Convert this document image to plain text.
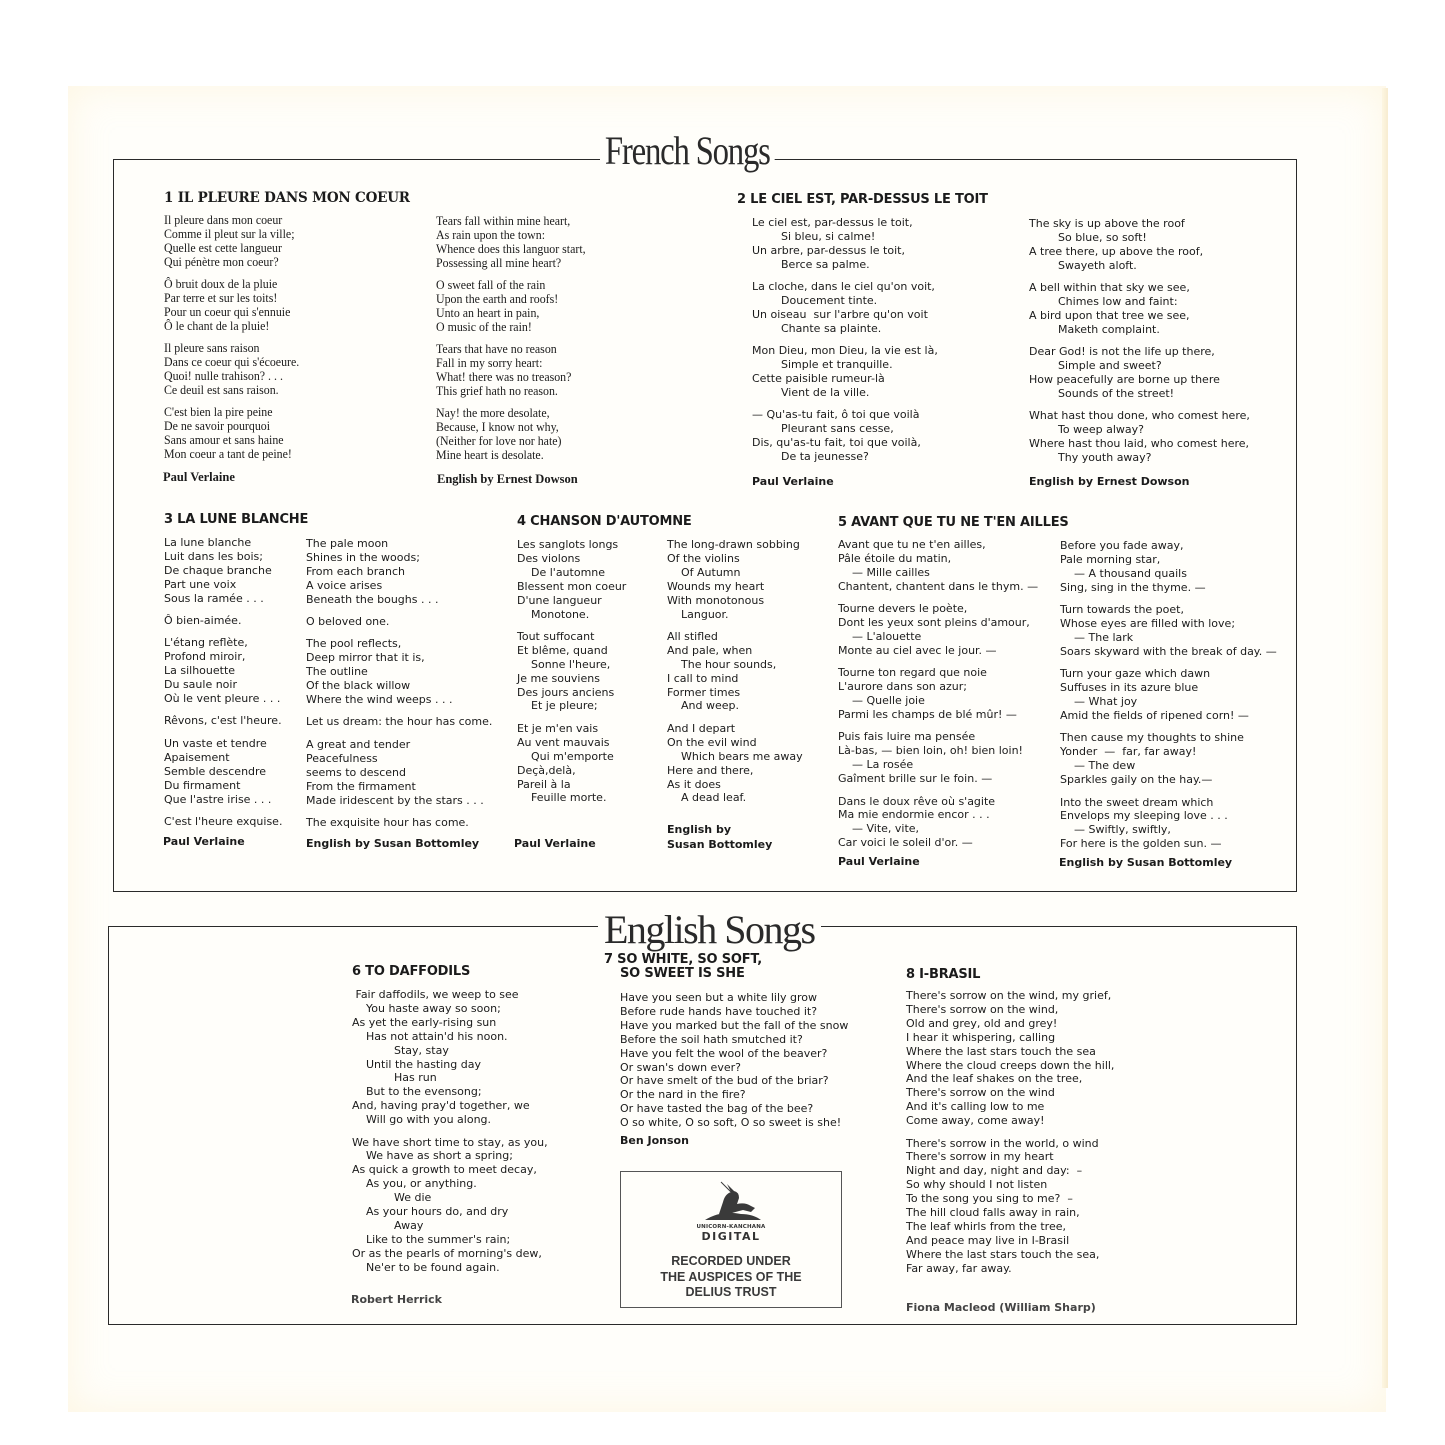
French Songs
1 IL PLEURE DANS MON COEUR
Il pleure dans mon coeur
Comme il pleut sur la ville;
Quelle est cette langueur
Qui pénètre mon coeur?
Ô bruit doux de la pluie
Par terre et sur les toits!
Pour un coeur qui s'ennuie
Ô le chant de la pluie!
Il pleure sans raison
Dans ce coeur qui s'écoeure.
Quoi! nulle trahison? . . .
Ce deuil est sans raison.
C'est bien la pire peine
De ne savoir pourquoi
Sans amour et sans haine
Mon coeur a tant de peine!
Tears fall within mine heart,
As rain upon the town:
Whence does this languor start,
Possessing all mine heart?
O sweet fall of the rain
Upon the earth and roofs!
Unto an heart in pain,
O music of the rain!
Tears that have no reason
Fall in my sorry heart:
What! there was no treason?
This grief hath no reason.
Nay! the more desolate,
Because, I know not why,
(Neither for love nor hate)
Mine heart is desolate.
Paul Verlaine	English by Ernest Dowson
2 LE CIEL EST, PAR-DESSUS LE TOIT
Le ciel est, par-dessus le toit,
Si bleu, si calme!
Un arbre, par-dessus le toit,
Berce sa palme.
La cloche, dans le ciel qu'on voit,
Doucement tinte.
Un oiseau  sur l'arbre qu'on voit
Chante sa plainte.
Mon Dieu, mon Dieu, la vie est là,
Simple et tranquille.
Cette paisible rumeur-là
Vient de la ville.
— Qu'as-tu fait, ô toi que voilà
Pleurant sans cesse,
Dis, qu'as-tu fait, toi que voilà,
De ta jeunesse?
The sky is up above the roof
So blue, so soft!
A tree there, up above the roof,
Swayeth aloft.
A bell within that sky we see,
Chimes low and faint:
A bird upon that tree we see,
Maketh complaint.
Dear God! is not the life up there,
Simple and sweet?
How peacefully are borne up there
Sounds of the street!
What hast thou done, who comest here,
To weep alway?
Where hast thou laid, who comest here,
Thy youth away?
Paul Verlaine	English by Ernest Dowson
3 LA LUNE BLANCHE
La lune blanche
Luit dans les bois;
De chaque branche
Part une voix
Sous la ramée . . .
Ô bien-aimée.
L'étang reflète,
Profond miroir,
La silhouette
Du saule noir
Où le vent pleure . . .
Rêvons, c'est l'heure.
Un vaste et tendre
Apaisement
Semble descendre
Du firmament
Que l'astre irise . . .
C'est l'heure exquise.
The pale moon
Shines in the woods;
From each branch
A voice arises
Beneath the boughs . . .
O beloved one.
The pool reflects,
Deep mirror that it is,
The outline
Of the black willow
Where the wind weeps . . .
Let us dream: the hour has come.
A great and tender
Peacefulness
seems to descend
From the firmament
Made iridescent by the stars . . .
The exquisite hour has come.
Paul Verlaine	English by Susan Bottomley
4 CHANSON D'AUTOMNE
Les sanglots longs
Des violons
De l'automne
Blessent mon coeur
D'une langueur
Monotone.
Tout suffocant
Et blême, quand
Sonne l'heure,
Je me souviens
Des jours anciens
Et je pleure;
Et je m'en vais
Au vent mauvais
Qui m'emporte
Deçà,delà,
Pareil à la
Feuille morte.
The long-drawn sobbing
Of the violins
Of Autumn
Wounds my heart
With monotonous
Languor.
All stifled
And pale, when
The hour sounds,
I call to mind
Former times
And weep.
And I depart
On the evil wind
Which bears me away
Here and there,
As it does
A dead leaf.
Paul Verlaine
English by
Susan Bottomley
5 AVANT QUE TU NE T'EN AILLES
Avant que tu ne t'en ailles,
Pâle étoile du matin,
— Mille cailles
Chantent, chantent dans le thym. —
Tourne devers le poète,
Dont les yeux sont pleins d'amour,
— L'alouette
Monte au ciel avec le jour. —
Tourne ton regard que noie
L'aurore dans son azur;
— Quelle joie
Parmi les champs de blé mûr! —
Puis fais luire ma pensée
Là-bas, — bien loin, oh! bien loin!
— La rosée
Gaîment brille sur le foin. —
Dans le doux rêve où s'agite
Ma mie endormie encor . . .
— Vite, vite,
Car voici le soleil d'or. —
Before you fade away,
Pale morning star,
— A thousand quails
Sing, sing in the thyme. —
Turn towards the poet,
Whose eyes are filled with love;
— The lark
Soars skyward with the break of day. —
Turn your gaze which dawn
Suffuses in its azure blue
— What joy
Amid the fields of ripened corn! —
Then cause my thoughts to shine
Yonder  —  far, far away!
— The dew
Sparkles gaily on the hay.—
Into the sweet dream which
Envelops my sleeping love . . .
— Swiftly, swiftly,
For here is the golden sun. —
Paul Verlaine	English by Susan Bottomley
English Songs
6 TO DAFFODILS
Fair daffodils, we weep to see
You haste away so soon;
As yet the early-rising sun
Has not attain'd his noon.
Stay, stay
Until the hasting day
Has run
But to the evensong;
And, having pray'd together, we
Will go with you along.
We have short time to stay, as you,
We have as short a spring;
As quick a growth to meet decay,
As you, or anything.
We die
As your hours do, and dry
Away
Like to the summer's rain;
Or as the pearls of morning's dew,
Ne'er to be found again.
Robert Herrick
7 SO WHITE, SO SOFT,
SO SWEET IS SHE
Have you seen but a white lily grow
Before rude hands have touched it?
Have you marked but the fall of the snow
Before the soil hath smutched it?
Have you felt the wool of the beaver?
Or swan's down ever?
Or have smelt of the bud of the briar?
Or the nard in the fire?
Or have tasted the bag of the bee?
O so white, O so soft, O so sweet is she!
Ben Jonson
UNICORN-KANCHANA
DIGITAL
RECORDED UNDER
THE AUSPICES OF THE
DELIUS TRUST
8 I-BRASIL
There's sorrow on the wind, my grief,
There's sorrow on the wind,
Old and grey, old and grey!
I hear it whispering, calling
Where the last stars touch the sea
Where the cloud creeps down the hill,
And the leaf shakes on the tree,
There's sorrow on the wind
And it's calling low to me
Come away, come away!
There's sorrow in the world, o wind
There's sorrow in my heart
Night and day, night and day:  –
So why should I not listen
To the song you sing to me?  –
The hill cloud falls away in rain,
The leaf whirls from the tree,
And peace may live in I-Brasil
Where the last stars touch the sea,
Far away, far away.
Fiona Macleod (William Sharp)
